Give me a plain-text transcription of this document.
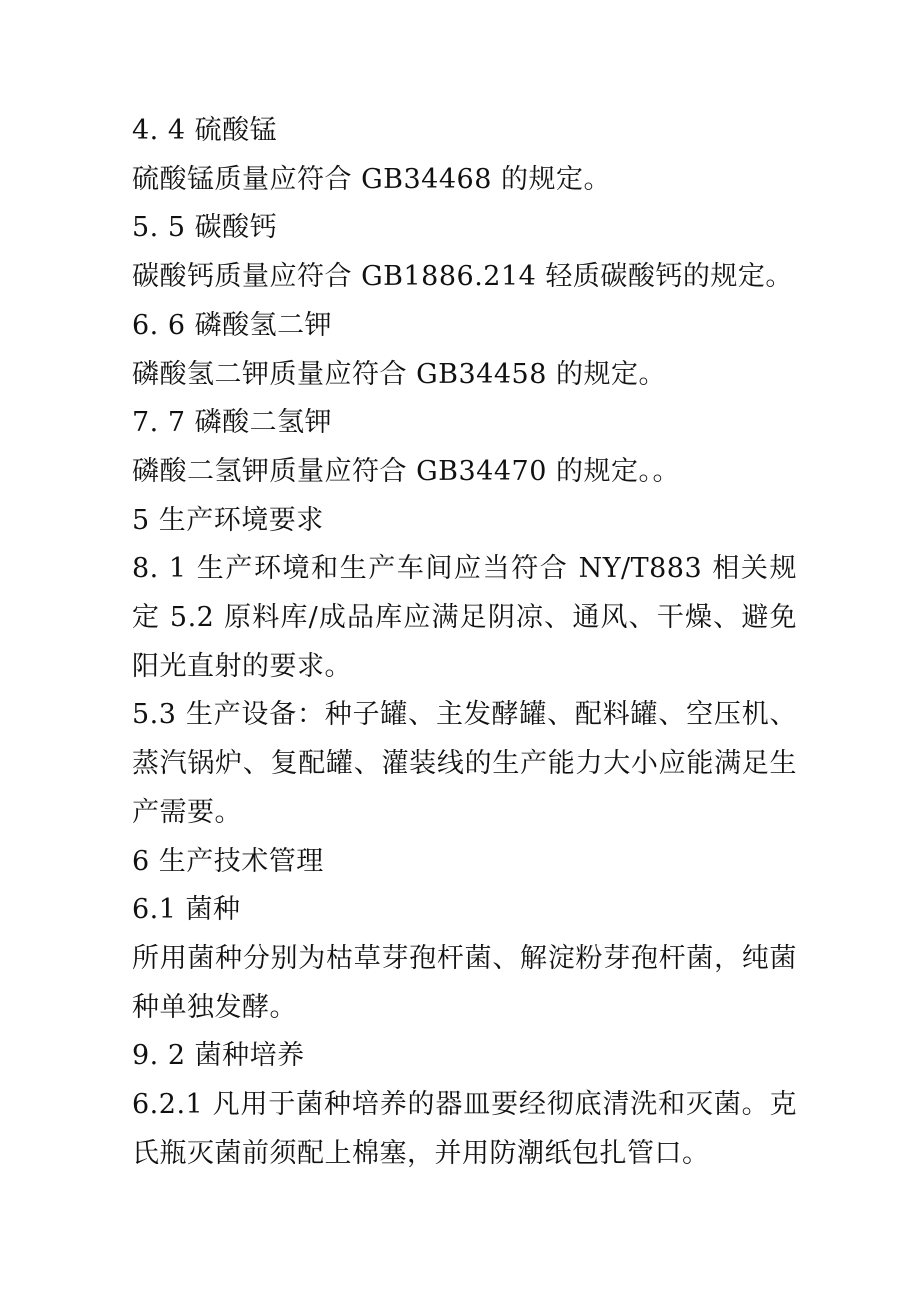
4. 4 硫酸锰

硫酸锰质量应符合 GB34468 的规定。

5. 5 碳酸钙

碳酸钙质量应符合 GB1886.214 轻质碳酸钙的规定。

6. 6 磷酸氢二钾

磷酸氢二钾质量应符合 GB34458 的规定。

7. 7 磷酸二氢钾

磷酸二氢钾质量应符合 GB34470 的规定。。

5 生产环境要求

8. 1 生产环境和生产车间应当符合 NY/T883 相关规定 5.2 原料库/成品库应满足阴凉、通风、干燥、避免阳光直射的要求。

5.3 生产设备：种子罐、主发酵罐、配料罐、空压机、蒸汽锅炉、复配罐、灌装线的生产能力大小应能满足生产需要。

6 生产技术管理

6.1 菌种

所用菌种分别为枯草芽孢杆菌、解淀粉芽孢杆菌，纯菌种单独发酵。

9. 2 菌种培养

6.2.1 凡用于菌种培养的器皿要经彻底清洗和灭菌。克氏瓶灭菌前须配上棉塞，并用防潮纸包扎管口。
